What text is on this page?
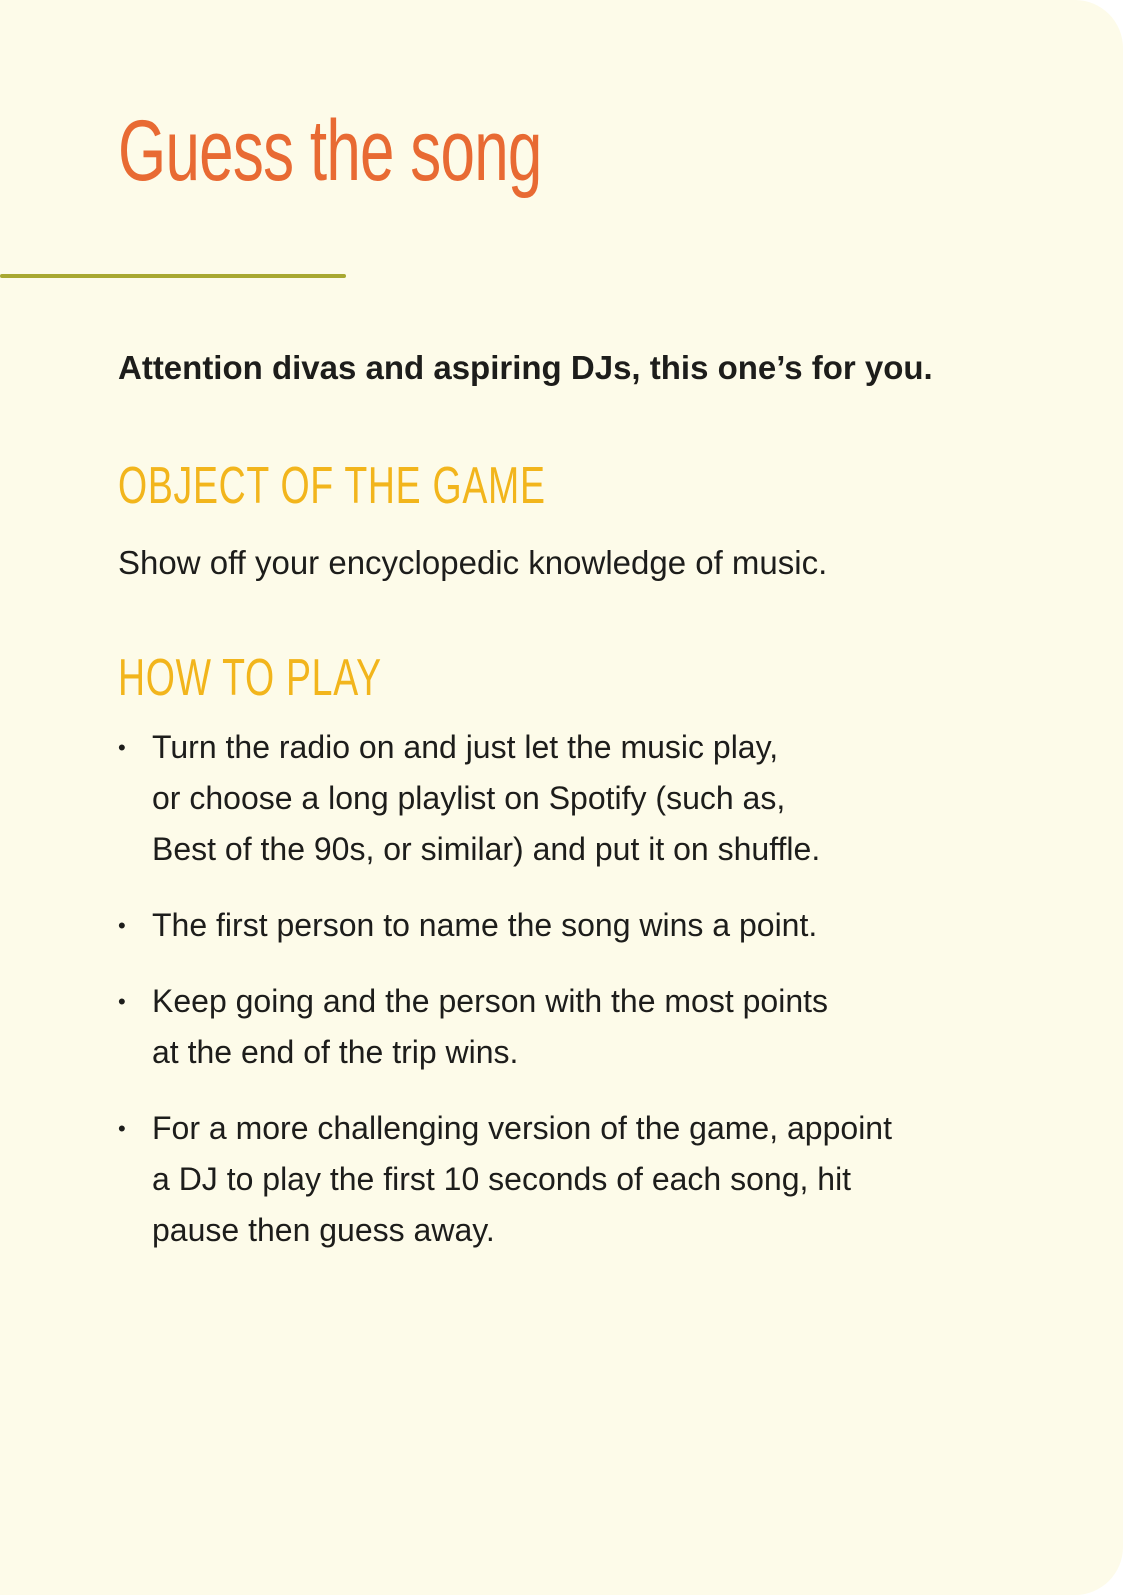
Guess the song

Attention divas and aspiring DJs, this one’s for you.

OBJECT OF THE GAME

Show off your encyclopedic knowledge of music.

HOW TO PLAY
• Turn the radio on and just let the music play,
or choose a long playlist on Spotify (such as,
Best of the 90s, or similar) and put it on shuffle.
• The first person to name the song wins a point.
• Keep going and the person with the most points
at the end of the trip wins.
• For a more challenging version of the game, appoint
a DJ to play the first 10 seconds of each song, hit
pause then guess away.
